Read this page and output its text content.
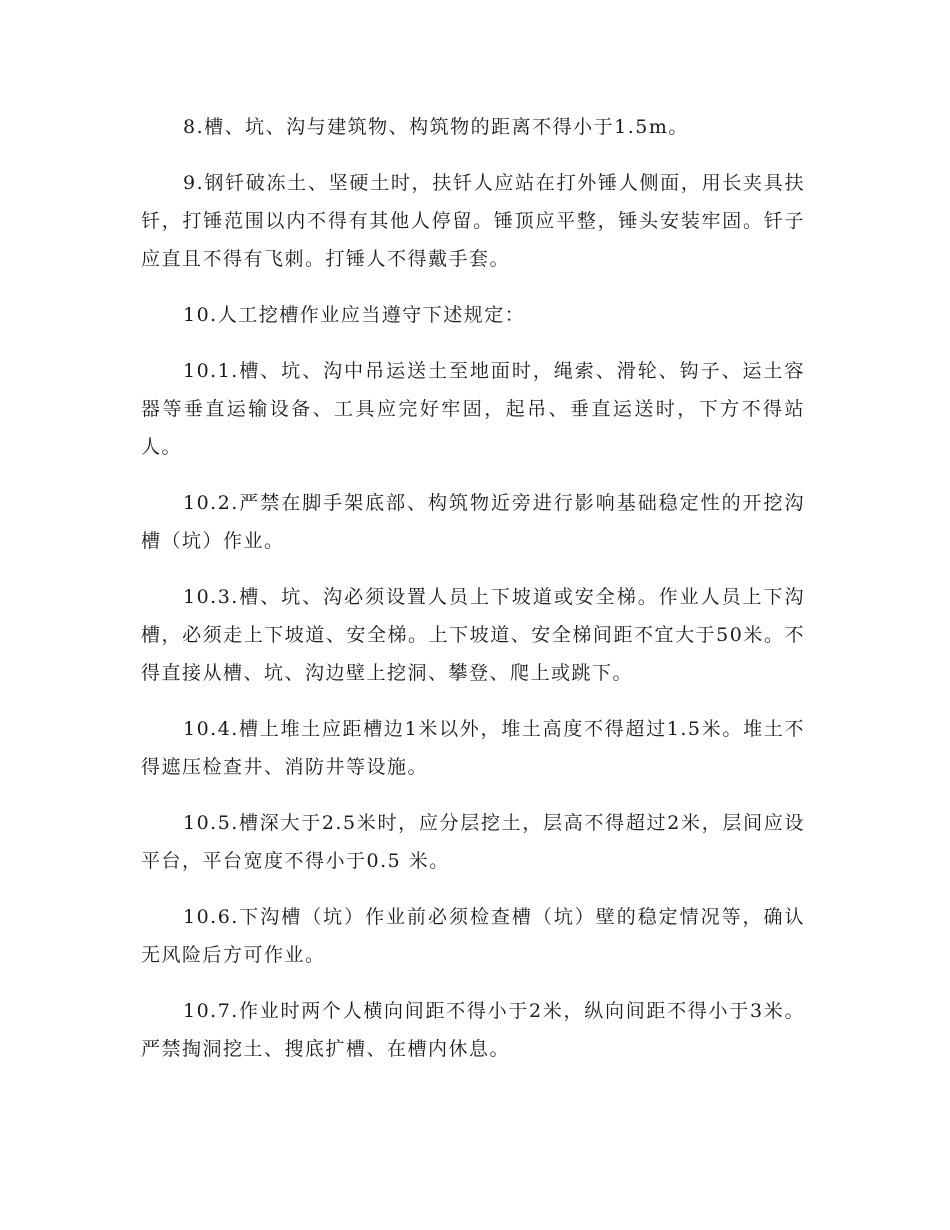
8.槽、坑、沟与建筑物、构筑物的距离不得小于1.5m。

9.钢钎破冻土、坚硬土时，扶钎人应站在打外锤人侧面，用长夹具扶钎，打锤范围以内不得有其他人停留。锤顶应平整，锤头安装牢固。钎子应直且不得有飞刺。打锤人不得戴手套。

10.人工挖槽作业应当遵守下述规定：

10.1.槽、坑、沟中吊运送土至地面时，绳索、滑轮、钩子、运土容器等垂直运输设备、工具应完好牢固，起吊、垂直运送时，下方不得站人。

10.2.严禁在脚手架底部、构筑物近旁进行影响基础稳定性的开挖沟槽（坑）作业。

10.3.槽、坑、沟必须设置人员上下坡道或安全梯。作业人员上下沟槽，必须走上下坡道、安全梯。上下坡道、安全梯间距不宜大于50米。不得直接从槽、坑、沟边壁上挖洞、攀登、爬上或跳下。

10.4.槽上堆土应距槽边1米以外，堆土高度不得超过1.5米。堆土不得遮压检查井、消防井等设施。

10.5.槽深大于2.5米时，应分层挖土，层高不得超过2米，层间应设平台，平台宽度不得小于0.5 米。

10.6.下沟槽（坑）作业前必须检查槽（坑）壁的稳定情况等，确认无风险后方可作业。

10.7.作业时两个人横向间距不得小于2米，纵向间距不得小于3米。严禁掏洞挖土、搜底扩槽、在槽内休息。
